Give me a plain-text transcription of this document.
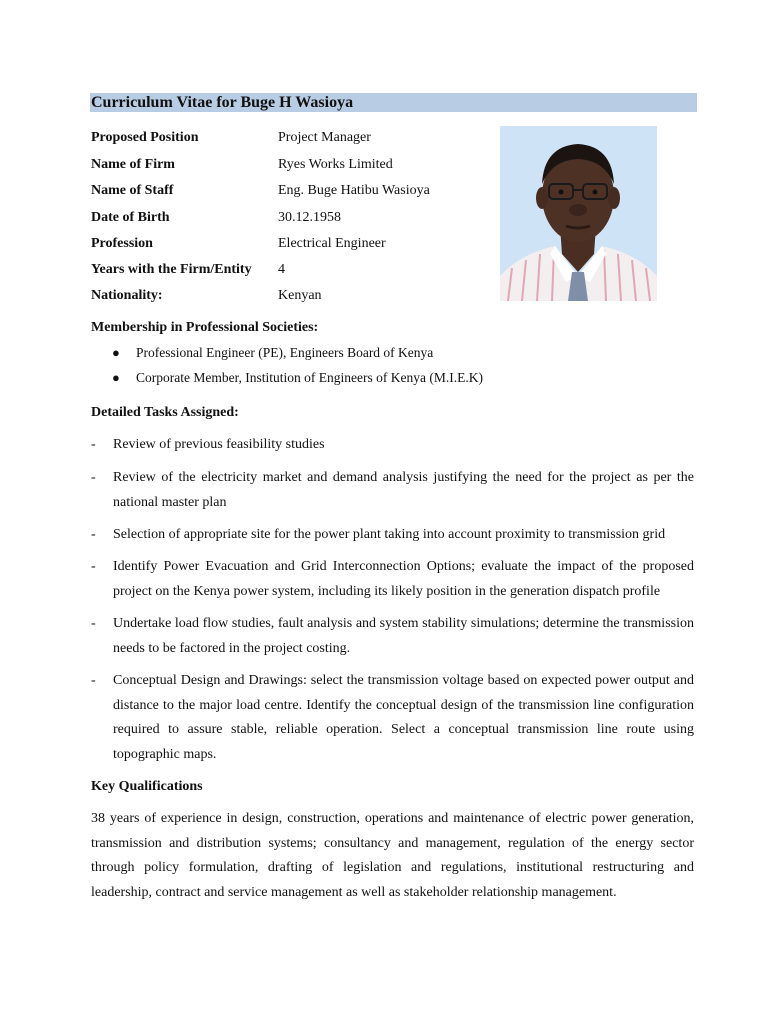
Curriculum Vitae for Buge H Wasioya
Proposed Position	Project Manager
Name of Firm	Ryes Works Limited
Name of Staff	Eng. Buge Hatibu Wasioya
Date of Birth	30.12.1958
Profession	Electrical Engineer
Years with the Firm/Entity 4
Nationality:	Kenyan
Membership in Professional Societies:
● Professional Engineer (PE), Engineers Board of Kenya
● Corporate Member, Institution of Engineers of Kenya (M.I.E.K)
Detailed Tasks Assigned:
- Review of previous feasibility studies
- Review of the electricity market and demand analysis justifying the need for the project as per the national master plan
- Selection of appropriate site for the power plant taking into account proximity to transmission grid
- Identify Power Evacuation and Grid Interconnection Options; evaluate the impact of the proposed project on the Kenya power system, including its likely position in the generation dispatch profile
- Undertake load flow studies, fault analysis and system stability simulations; determine the transmission needs to be factored in the project costing.
- Conceptual Design and Drawings: select the transmission voltage based on expected power output and distance to the major load centre. Identify the conceptual design of the transmission line configuration required to assure stable, reliable operation. Select a conceptual transmission line route using topographic maps.
Key Qualifications
38 years of experience in design, construction, operations and maintenance of electric power generation, transmission and distribution systems; consultancy and management, regulation of the energy sector through policy formulation, drafting of legislation and regulations, institutional restructuring and leadership, contract and service management as well as stakeholder relationship management.
